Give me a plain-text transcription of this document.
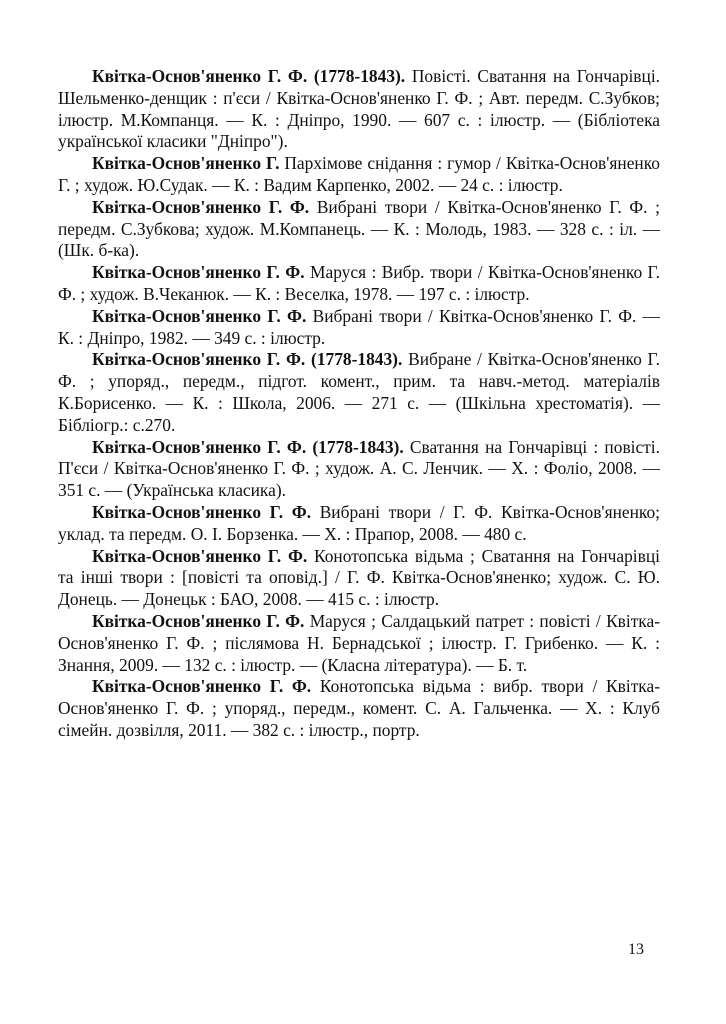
Квітка-Основ'яненко Г. Ф. (1778-1843). Повісті. Сватання на Гончарівці. Шельменко-денщик : п'єси / Квітка-Основ'яненко Г. Ф. ; Авт. передм. С.Зубков; ілюстр. М.Компанця. — К. : Дніпро, 1990. — 607 с. : ілюстр. — (Бібліотека української класики "Дніпро").

Квітка-Основ'яненко Г. Пархімове снідання : гумор / Квітка-Основ'яненко Г. ; худож. Ю.Судак. — К. : Вадим Карпенко, 2002. — 24 с. : ілюстр.

Квітка-Основ'яненко Г. Ф. Вибрані твори / Квітка-Основ'яненко Г. Ф. ; передм. С.Зубкова; худож. М.Компанець. — К. : Молодь, 1983. — 328 с. : іл. — (Шк. б-ка).

Квітка-Основ'яненко Г. Ф. Маруся : Вибр. твори / Квітка-Основ'яненко Г. Ф. ; худож. В.Чеканюк. — К. : Веселка, 1978. — 197 с. : ілюстр.

Квітка-Основ'яненко Г. Ф. Вибрані твори / Квітка-Основ'яненко Г. Ф. — К. : Дніпро, 1982. — 349 с. : ілюстр.

Квітка-Основ'яненко Г. Ф. (1778-1843). Вибране / Квітка-Основ'яненко Г. Ф. ; упоряд., передм., підгот. комент., прим. та навч.-метод. матеріалів К.Борисенко. — К. : Школа, 2006. — 271 с. — (Шкільна хрестоматія). — Бібліогр.: с.270.

Квітка-Основ'яненко Г. Ф. (1778-1843). Сватання на Гончарівці : повісті. П'єси / Квітка-Основ'яненко Г. Ф. ; худож. А. С. Ленчик. — Х. : Фоліо, 2008. — 351 с. — (Українська класика).

Квітка-Основ'яненко Г. Ф. Вибрані твори / Г. Ф. Квітка-Основ'яненко; уклад. та передм. О. І. Борзенка. — Х. : Прапор, 2008. — 480 с.

Квітка-Основ'яненко Г. Ф. Конотопська відьма ; Сватання на Гончарівці та інші твори : [повісті та оповід.] / Г. Ф. Квітка-Основ'яненко; худож. С. Ю. Донець. — Донецьк : БАО, 2008. — 415 с. : ілюстр.

Квітка-Основ'яненко Г. Ф. Маруся ; Салдацький патрет : повісті / Квітка-Основ'яненко Г. Ф. ; післямова Н. Бернадської ; ілюстр. Г. Грибенко. — К. : Знання, 2009. — 132 с. : ілюстр. — (Класна література). — Б. т.

Квітка-Основ'яненко Г. Ф. Конотопська відьма : вибр. твори / Квітка-Основ'яненко Г. Ф. ; упоряд., передм., комент. С. А. Гальченка. — Х. : Клуб сімейн. дозвілля, 2011. — 382 с. : ілюстр., портр.

13
